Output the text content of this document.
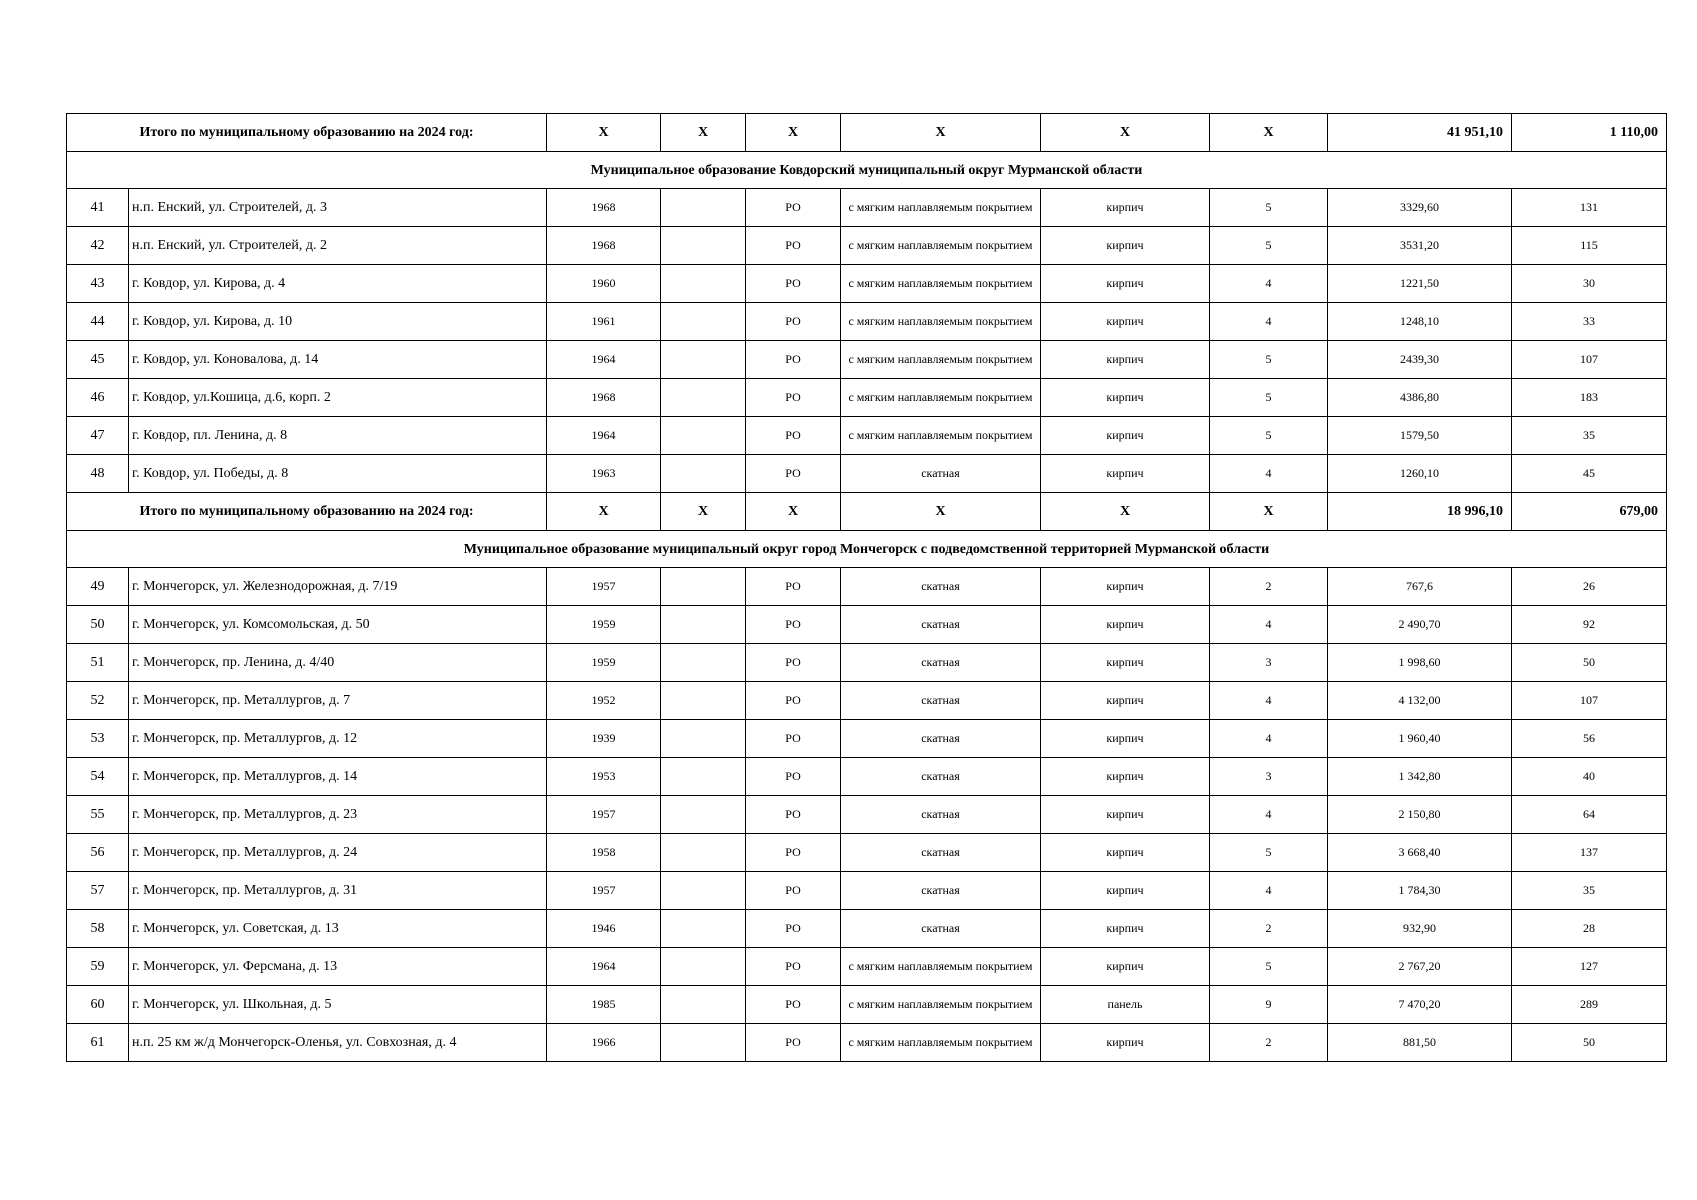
Итого по муниципальному образованию на 2024 год:		X	X	X	X	X	X	41 951,10	1 110,00
Муниципальное образование Ковдорский муниципальный округ Мурманской области									
41	н.п. Енский, ул. Строителей, д. 3	1968		РО	с мягким наплавляемым покрытием	кирпич	5	3329,60	131
42	н.п. Енский, ул. Строителей, д. 2	1968		РО	с мягким наплавляемым покрытием	кирпич	5	3531,20	115
43	г. Ковдор, ул. Кирова, д. 4	1960		РО	с мягким наплавляемым покрытием	кирпич	4	1221,50	30
44	г. Ковдор, ул. Кирова, д. 10	1961		РО	с мягким наплавляемым покрытием	кирпич	4	1248,10	33
45	г. Ковдор, ул. Коновалова, д. 14	1964		РО	с мягким наплавляемым покрытием	кирпич	5	2439,30	107
46	г. Ковдор, ул.Кошица, д.6, корп. 2	1968		РО	с мягким наплавляемым покрытием	кирпич	5	4386,80	183
47	г. Ковдор, пл. Ленина, д. 8	1964		РО	с мягким наплавляемым покрытием	кирпич	5	1579,50	35
48	г. Ковдор, ул. Победы, д. 8	1963		РО	скатная	кирпич	4	1260,10	45
Итого по муниципальному образованию на 2024 год:		X	X	X	X	X	X	18 996,10	679,00
Муниципальное образование муниципальный округ город Мончегорск с подведомственной территорией Мурманской области									
49	г. Мончегорск, ул. Железнодорожная, д. 7/19	1957		РО	скатная	кирпич	2	767,6	26
50	г. Мончегорск, ул. Комсомольская, д. 50	1959		РО	скатная	кирпич	4	2 490,70	92
51	г. Мончегорск, пр. Ленина, д. 4/40	1959		РО	скатная	кирпич	3	1 998,60	50
52	г. Мончегорск, пр. Металлургов, д. 7	1952		РО	скатная	кирпич	4	4 132,00	107
53	г. Мончегорск, пр. Металлургов, д. 12	1939		РО	скатная	кирпич	4	1 960,40	56
54	г. Мончегорск, пр. Металлургов, д. 14	1953		РО	скатная	кирпич	3	1 342,80	40
55	г. Мончегорск, пр. Металлургов, д. 23	1957		РО	скатная	кирпич	4	2 150,80	64
56	г. Мончегорск, пр. Металлургов, д. 24	1958		РО	скатная	кирпич	5	3 668,40	137
57	г. Мончегорск, пр. Металлургов, д. 31	1957		РО	скатная	кирпич	4	1 784,30	35
58	г. Мончегорск, ул. Советская, д. 13	1946		РО	скатная	кирпич	2	932,90	28
59	г. Мончегорск, ул. Ферсмана, д. 13	1964		РО	с мягким наплавляемым покрытием	кирпич	5	2 767,20	127
60	г. Мончегорск, ул. Школьная, д. 5	1985		РО	с мягким наплавляемым покрытием	панель	9	7 470,20	289
61	н.п. 25 км ж/д Мончегорск-Оленья, ул. Совхозная, д. 4	1966		РО	с мягким наплавляемым покрытием	кирпич	2	881,50	50
